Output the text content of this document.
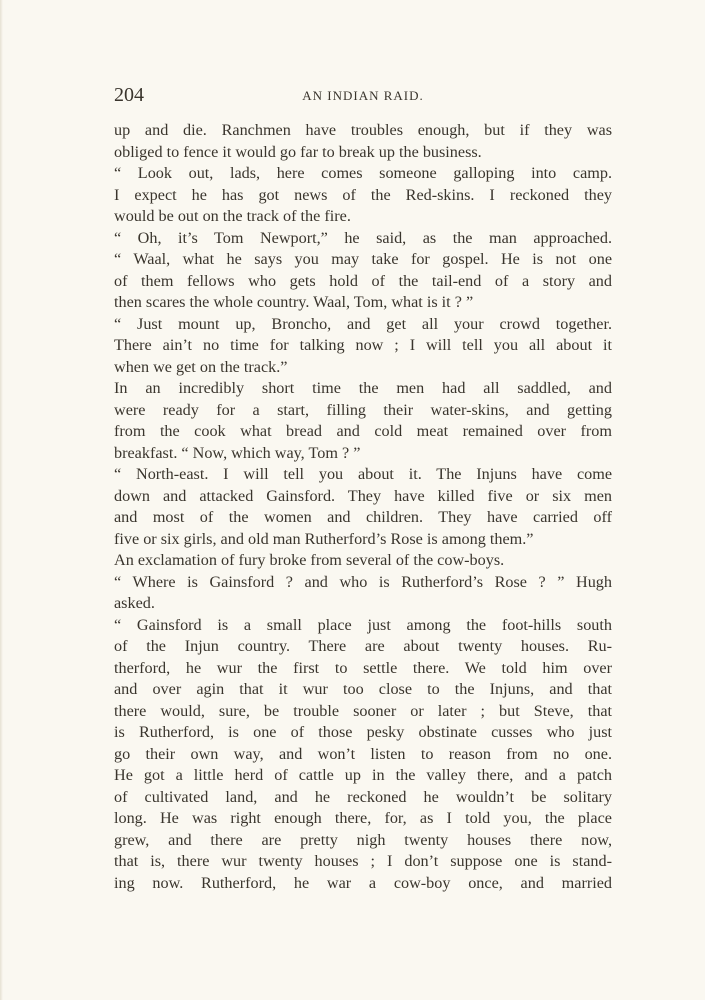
204	AN INDIAN RAID.
up and die. Ranchmen have troubles enough, but if they was
obliged to fence it would go far to break up the business.
“ Look out, lads, here comes someone galloping into camp.
I expect he has got news of the Red-skins. I reckoned they
would be out on the track of the fire.
“ Oh, it’s Tom Newport,” he said, as the man approached.
“ Waal, what he says you may take for gospel. He is not one
of them fellows who gets hold of the tail-end of a story and
then scares the whole country. Waal, Tom, what is it ? ”
“ Just mount up, Broncho, and get all your crowd together.
There ain’t no time for talking now ; I will tell you all about it
when we get on the track.”
In an incredibly short time the men had all saddled, and
were ready for a start, filling their water-skins, and getting
from the cook what bread and cold meat remained over from
breakfast. “ Now, which way, Tom ? ”
“ North-east. I will tell you about it. The Injuns have come
down and attacked Gainsford. They have killed five or six men
and most of the women and children. They have carried off
five or six girls, and old man Rutherford’s Rose is among them.”
An exclamation of fury broke from several of the cow-boys.
“ Where is Gainsford ? and who is Rutherford’s Rose ? ” Hugh
asked.
“ Gainsford is a small place just among the foot-hills south
of the Injun country. There are about twenty houses. Ru-
therford, he wur the first to settle there. We told him over
and over agin that it wur too close to the Injuns, and that
there would, sure, be trouble sooner or later ; but Steve, that
is Rutherford, is one of those pesky obstinate cusses who just
go their own way, and won’t listen to reason from no one.
He got a little herd of cattle up in the valley there, and a patch
of cultivated land, and he reckoned he wouldn’t be solitary
long. He was right enough there, for, as I told you, the place
grew, and there are pretty nigh twenty houses there now,
that is, there wur twenty houses ; I don’t suppose one is stand-
ing now. Rutherford, he war a cow-boy once, and married
